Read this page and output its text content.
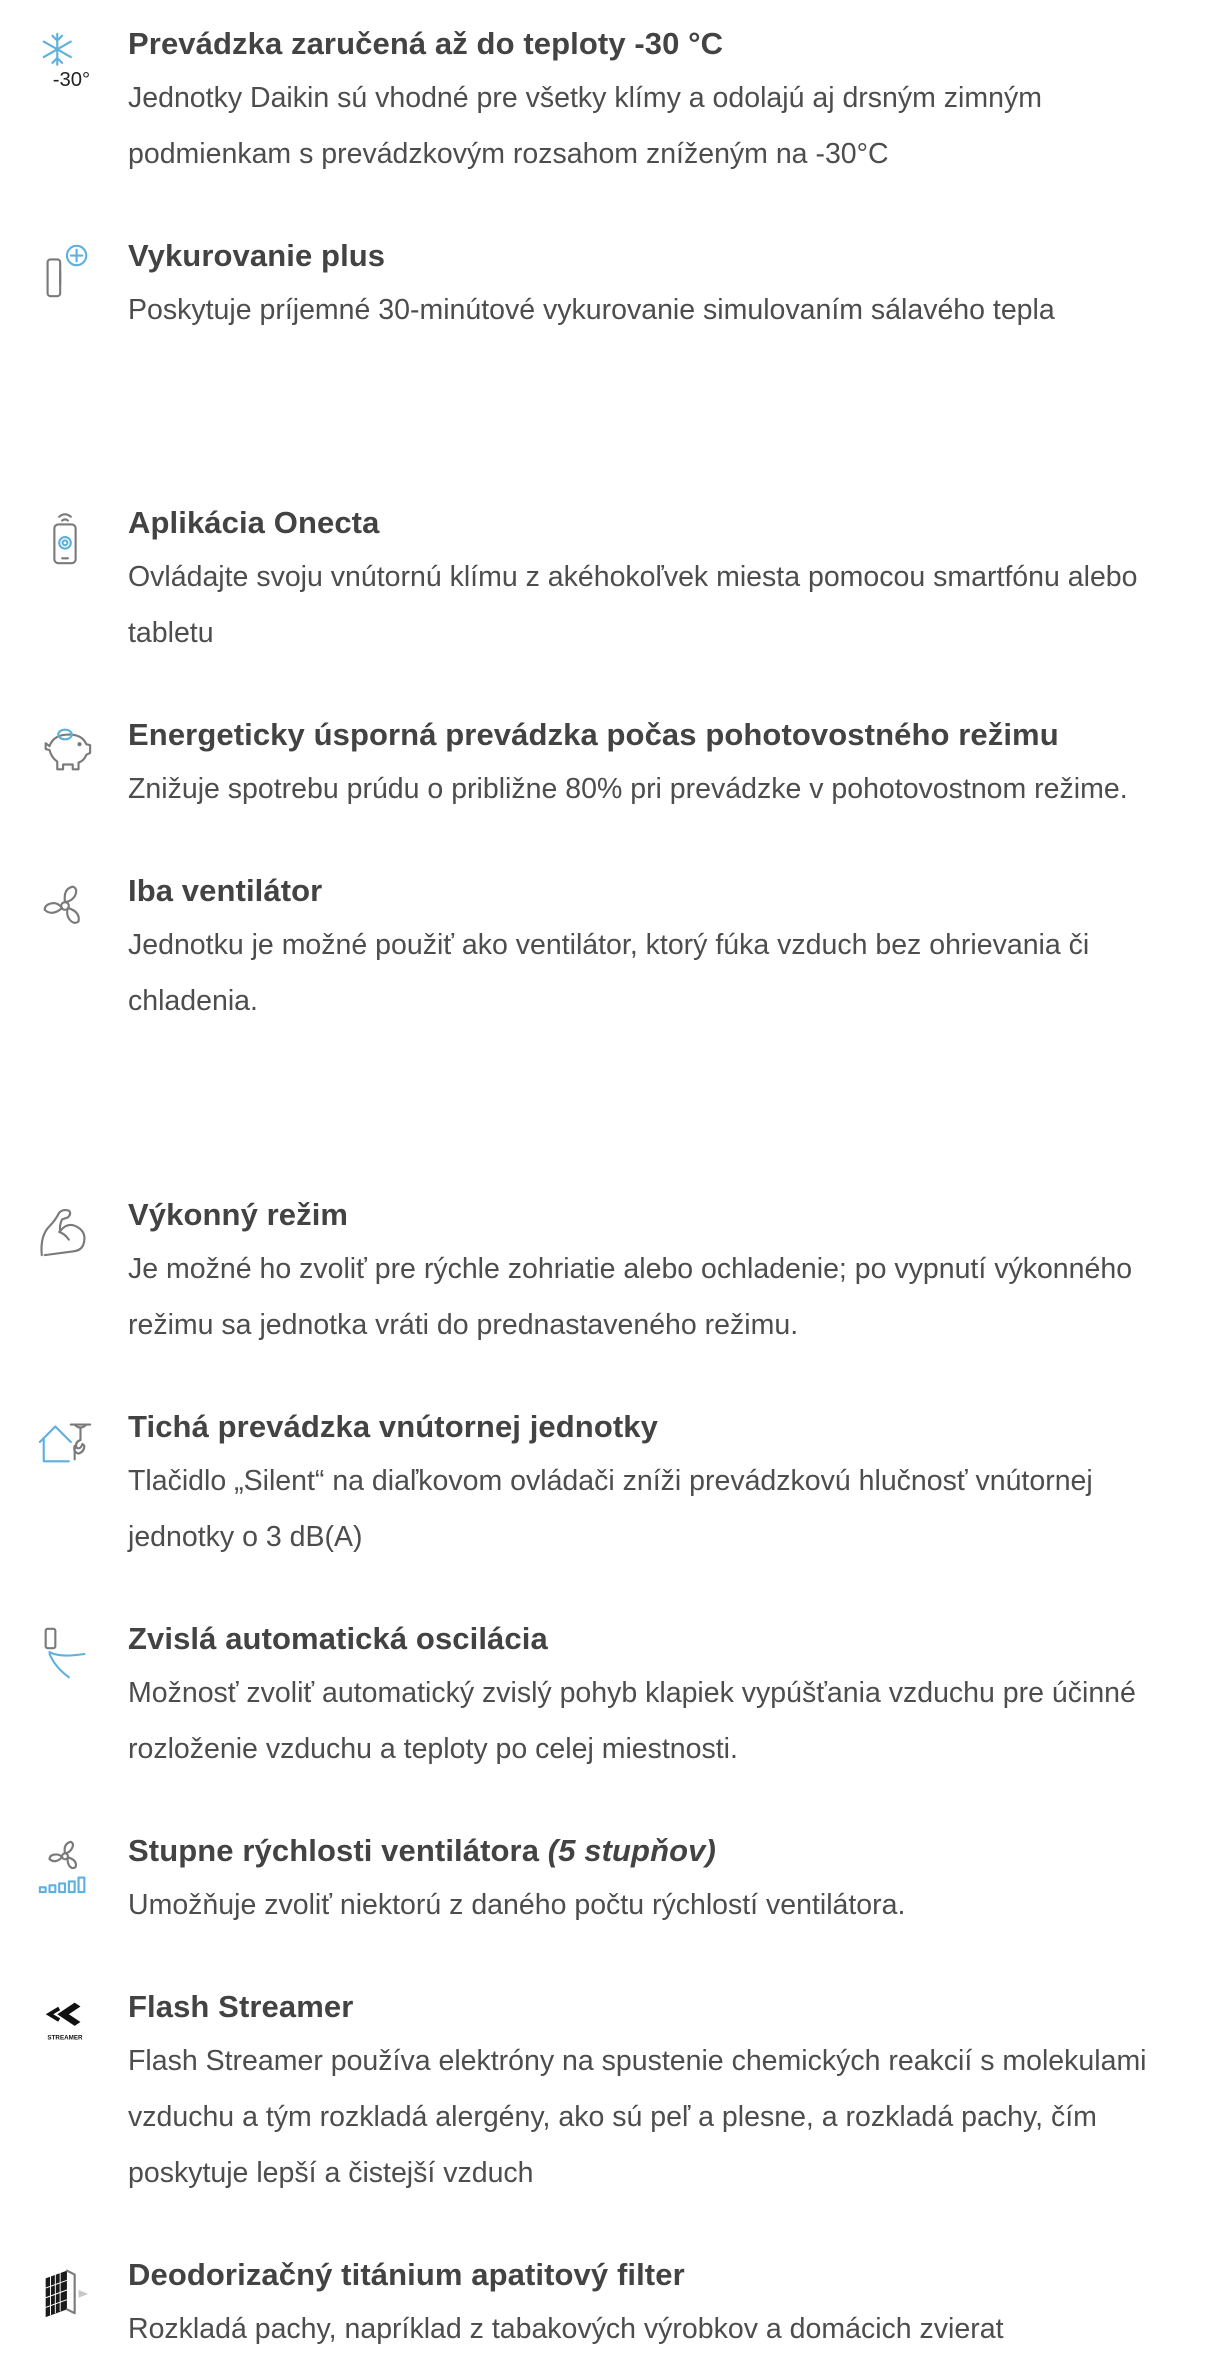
-30°
Prevádzka zaručená až do teploty -30 °C
Jednotky Daikin sú vhodné pre všetky klímy a odolajú aj drsným zimným podmienkam s prevádzkovým rozsahom zníženým na -30°C
Vykurovanie plus
Poskytuje príjemné 30-minútové vykurovanie simulovaním sálavého tepla
Aplikácia Onecta
Ovládajte svoju vnútornú klímu z akéhokoľvek miesta pomocou smartfónu alebo tabletu
Energeticky úsporná prevádzka počas pohotovostného režimu
Znižuje spotrebu prúdu o približne 80% pri prevádzke v pohotovostnom režime.
Iba ventilátor
Jednotku je možné použiť ako ventilátor, ktorý fúka vzduch bez ohrievania či chladenia.
Výkonný režim
Je možné ho zvoliť pre rýchle zohriatie alebo ochladenie; po vypnutí výkonného režimu sa jednotka vráti do prednastaveného režimu.
Tichá prevádzka vnútornej jednotky
Tlačidlo „Silent“ na diaľkovom ovládači zníži prevádzkovú hlučnosť vnútornej jednotky o 3 dB(A)
Zvislá automatická oscilácia
Možnosť zvoliť automatický zvislý pohyb klapiek vypúšťania vzduchu pre účinné rozloženie vzduchu a teploty po celej miestnosti.
Stupne rýchlosti ventilátora (5 stupňov)
Umožňuje zvoliť niektorú z daného počtu rýchlostí ventilátora.
STREAMER
Flash Streamer
Flash Streamer používa elektróny na spustenie chemických reakcií s molekulami vzduchu a tým rozkladá alergény, ako sú peľ a plesne, a rozkladá pachy, čím poskytuje lepší a čistejší vzduch
Deodorizačný titánium apatitový filter
Rozkladá pachy, napríklad z tabakových výrobkov a domácich zvierat
